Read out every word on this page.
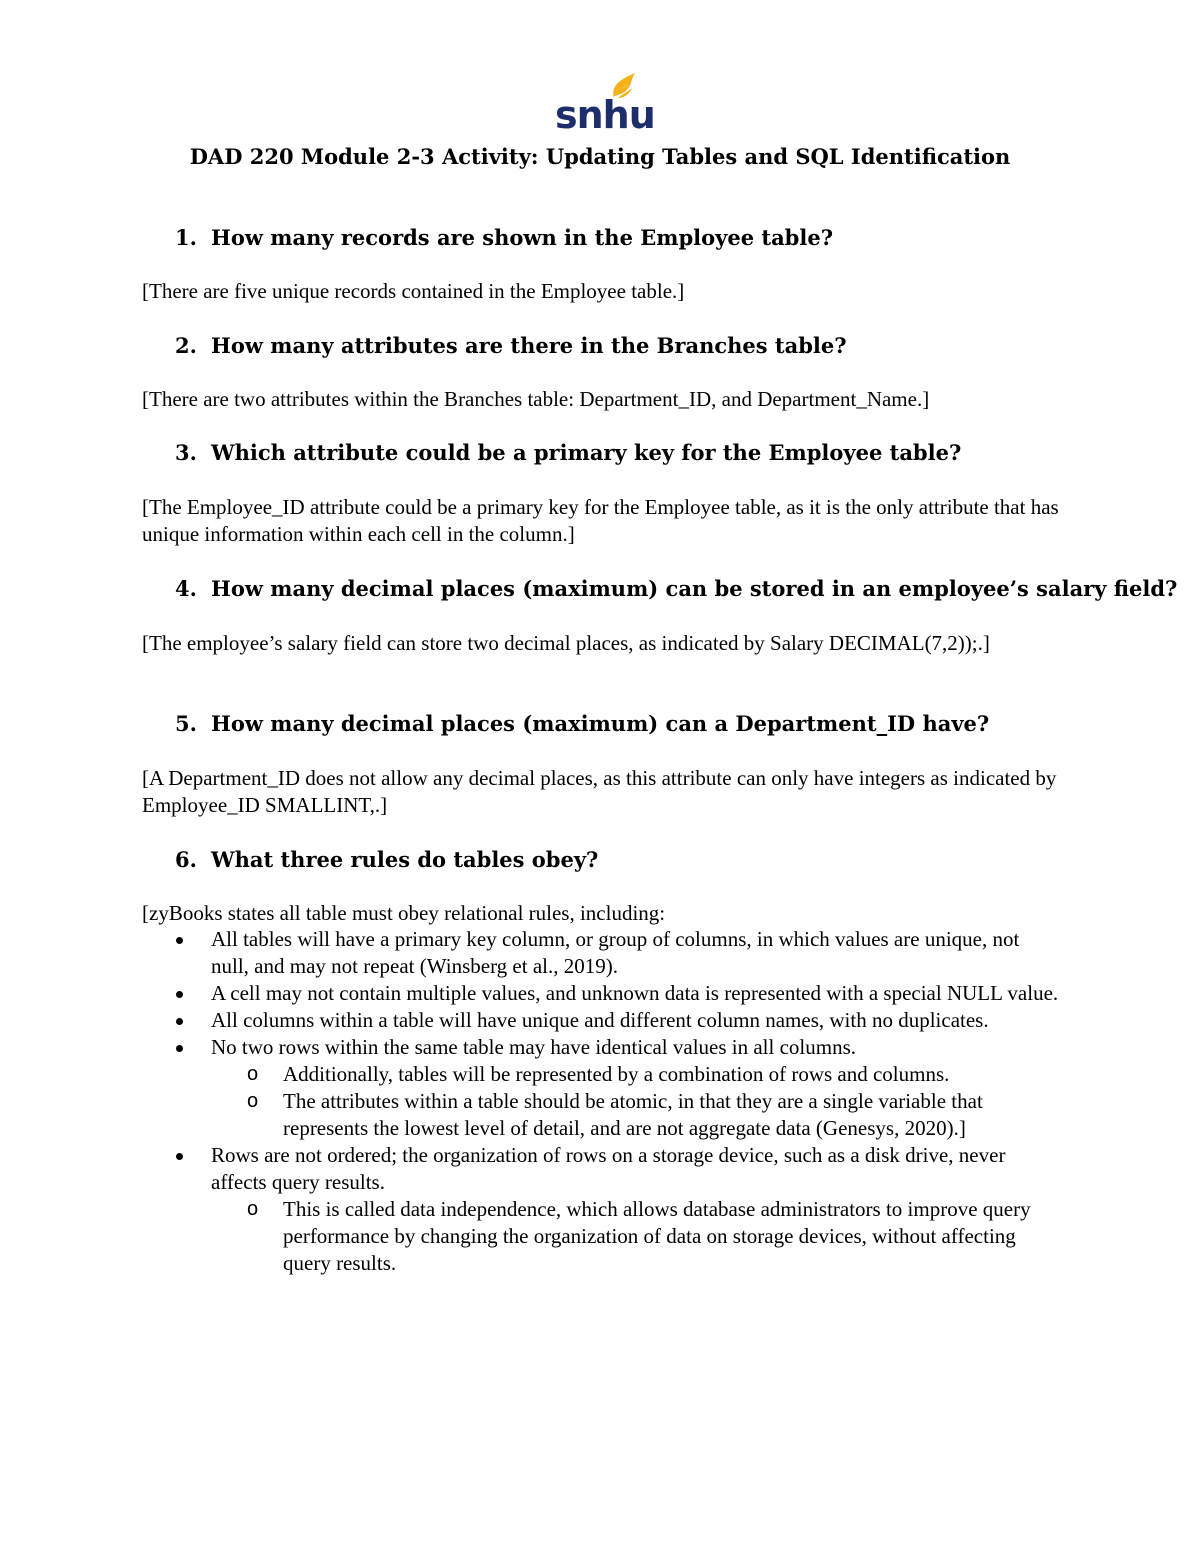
snhu
DAD 220 Module 2-3 Activity: Updating Tables and SQL Identification
1. How many records are shown in the Employee table?
[There are five unique records contained in the Employee table.]
2. How many attributes are there in the Branches table?
[There are two attributes within the Branches table: Department_ID, and Department_Name.]
3. Which attribute could be a primary key for the Employee table?
[The Employee_ID attribute could be a primary key for the Employee table, as it is the only attribute that has unique information within each cell in the column.]
4. How many decimal places (maximum) can be stored in an employee’s salary field?
[The employee’s salary field can store two decimal places, as indicated by Salary DECIMAL(7,2));.]
5. How many decimal places (maximum) can a Department_ID have?
[A Department_ID does not allow any decimal places, as this attribute can only have integers as indicated by Employee_ID SMALLINT,.]
6. What three rules do tables obey?
[zyBooks states all table must obey relational rules, including:
All tables will have a primary key column, or group of columns, in which values are unique, not null, and may not repeat (Winsberg et al., 2019).
A cell may not contain multiple values, and unknown data is represented with a special NULL value.
All columns within a table will have unique and different column names, with no duplicates.
No two rows within the same table may have identical values in all columns.
o Additionally, tables will be represented by a combination of rows and columns.
o The attributes within a table should be atomic, in that they are a single variable that represents the lowest level of detail, and are not aggregate data (Genesys, 2020).]
Rows are not ordered; the organization of rows on a storage device, such as a disk drive, never affects query results.
o This is called data independence, which allows database administrators to improve query performance by changing the organization of data on storage devices, without affecting query results.
